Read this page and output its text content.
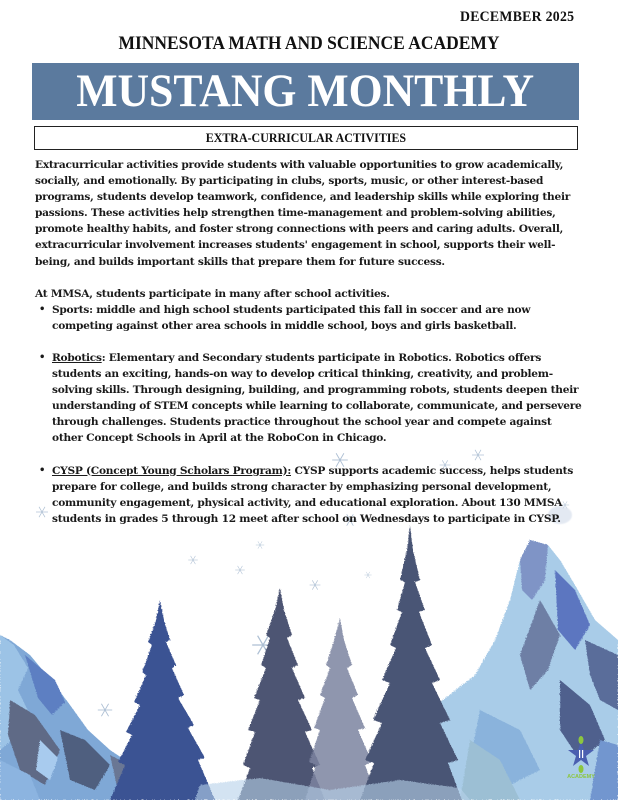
DECEMBER 2025
MINNESOTA MATH AND SCIENCE ACADEMY
MUSTANG MONTHLY
EXTRA-CURRICULAR ACTIVITIES

Extracurricular activities provide students with valuable opportunities to grow academically, socially, and emotionally. By participating in clubs, sports, music, or other interest-based programs, students develop teamwork, confidence, and leadership skills while exploring their passions. These activities help strengthen time-management and problem-solving abilities, promote healthy habits, and foster strong connections with peers and caring adults. Overall, extracurricular involvement increases students' engagement in school, supports their well-being, and builds important skills that prepare them for future success.

At MMSA, students participate in many after school activities.

• Sports: middle and high school students participated this fall in soccer and are now competing against other area schools in middle school, boys and girls basketball.
• Robotics: Elementary and Secondary students participate in Robotics. Robotics offers students an exciting, hands-on way to develop critical thinking, creativity, and problem-solving skills. Through designing, building, and programming robots, students deepen their understanding of STEM concepts while learning to collaborate, communicate, and persevere through challenges. Students practice throughout the school year and compete against other Concept Schools in April at the RoboCon in Chicago.
• CYSP (Concept Young Scholars Program): CYSP supports academic success, helps students prepare for college, and builds strong character by emphasizing personal development, community engagement, physical activity, and educational exploration. About 130 MMSA students in grades 5 through 12 meet after school on Wednesdays to participate in CYSP.
ACADEMY
